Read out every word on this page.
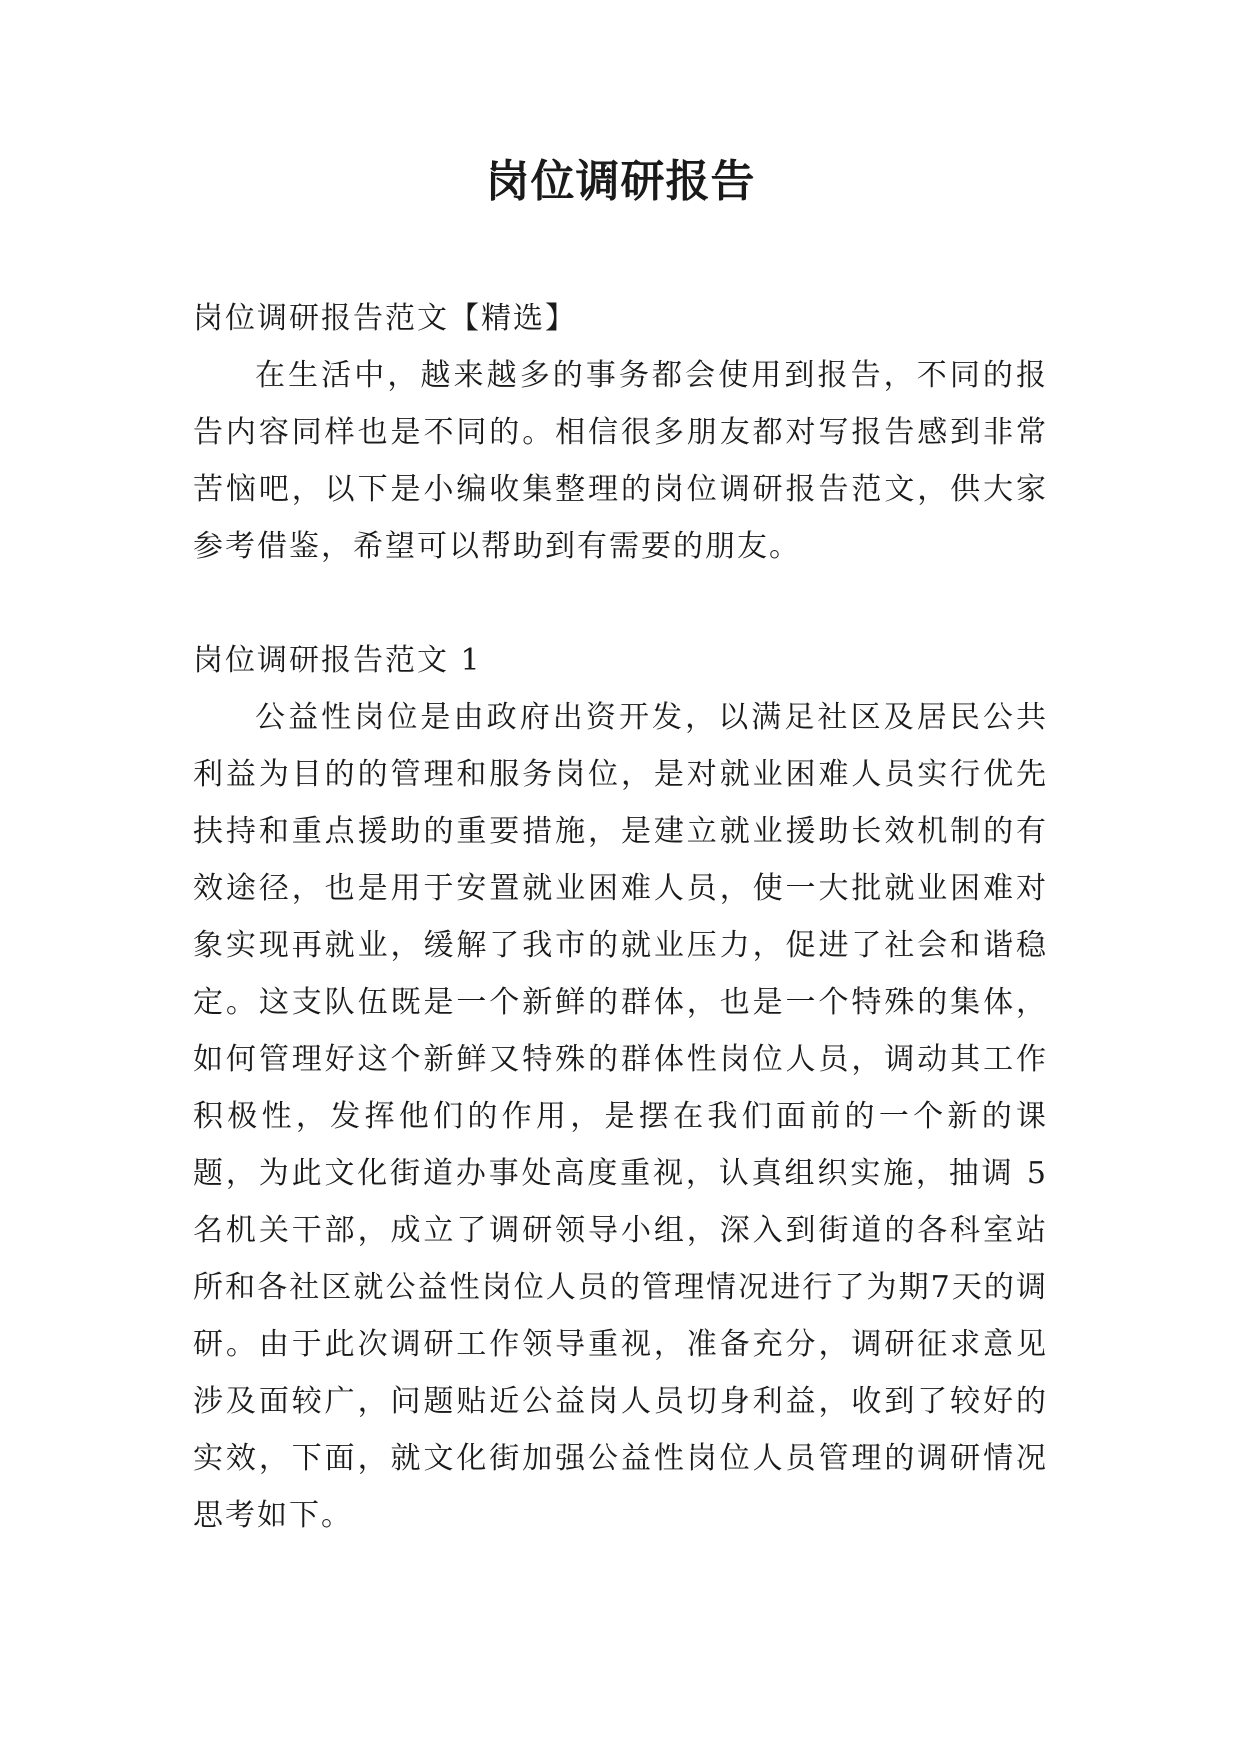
岗位调研报告

岗位调研报告范文【精选】

在生活中，越来越多的事务都会使用到报告，不同的报告内容同样也是不同的。相信很多朋友都对写报告感到非常苦恼吧，以下是小编收集整理的岗位调研报告范文，供大家参考借鉴，希望可以帮助到有需要的朋友。

岗位调研报告范文 1

公益性岗位是由政府出资开发，以满足社区及居民公共利益为目的的管理和服务岗位，是对就业困难人员实行优先扶持和重点援助的重要措施，是建立就业援助长效机制的有效途径，也是用于安置就业困难人员，使一大批就业困难对象实现再就业，缓解了我市的就业压力，促进了社会和谐稳定。这支队伍既是一个新鲜的群体，也是一个特殊的集体，如何管理好这个新鲜又特殊的群体性岗位人员，调动其工作积极性，发挥他们的作用，是摆在我们面前的一个新的课题，为此文化街道办事处高度重视，认真组织实施，抽调 5 名机关干部，成立了调研领导小组，深入到街道的各科室站所和各社区就公益性岗位人员的管理情况进行了为期7天的调研。由于此次调研工作领导重视，准备充分，调研征求意见涉及面较广，问题贴近公益岗人员切身利益，收到了较好的实效，下面，就文化街加强公益性岗位人员管理的调研情况思考如下。
